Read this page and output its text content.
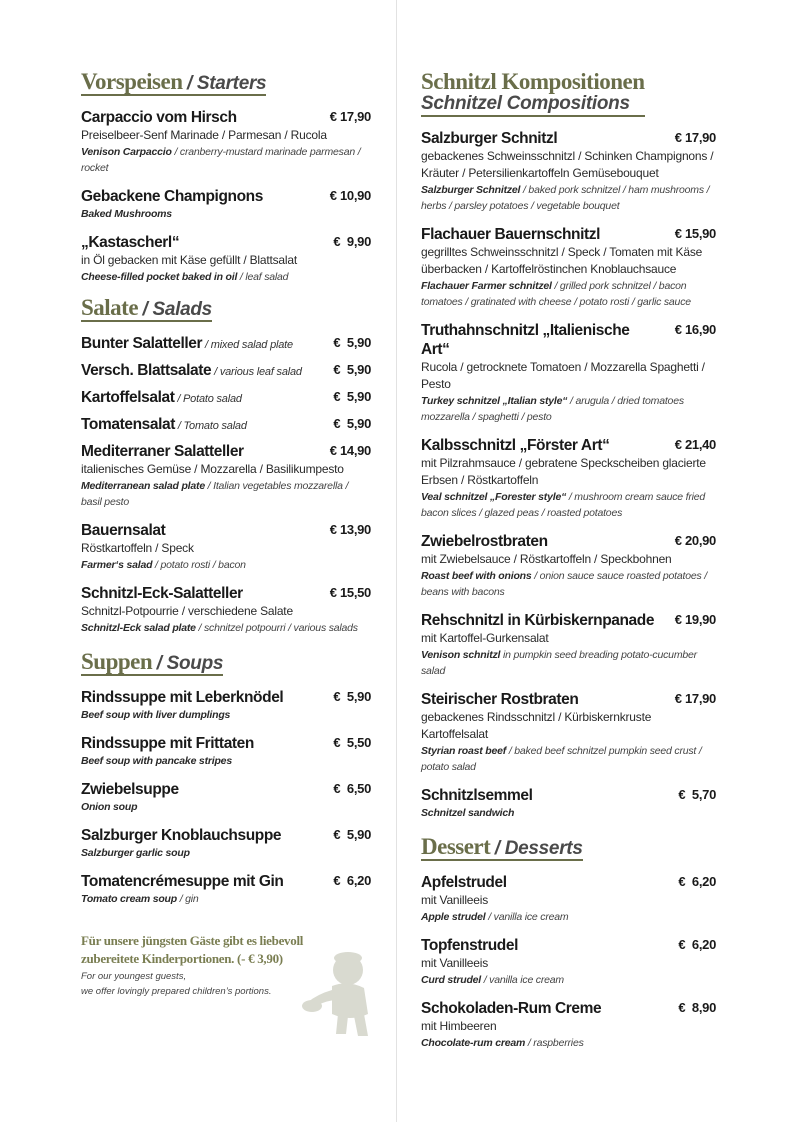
Vorspeisen / Starters
Carpaccio vom Hirsch	€ 17,90
Preiselbeer-Senf Marinade / Parmesan / Rucola
Venison Carpaccio / cranberry-mustard marinade parmesan / rocket
Gebackene Champignons	€ 10,90
Baked Mushrooms
„Kastascherl“	€  9,90
in Öl gebacken mit Käse gefüllt / Blattsalat
Cheese-filled pocket baked in oil / leaf salad
Salate / Salads
Bunter Salatteller / mixed salad plate	€  5,90
Versch. Blattsalate / various leaf salad €  5,90
Kartoffelsalat / Potato salad	€  5,90
Tomatensalat / Tomato salad	€  5,90
Mediterraner Salatteller	€ 14,90
italienisches Gemüse / Mozzarella / Basilikumpesto
Mediterranean salad plate / Italian vegetables mozzarella / basil pesto
Bauernsalat	€ 13,90
Röstkartoffeln / Speck
Farmer‘s salad / potato rosti / bacon
Schnitzl-Eck-Salatteller	€ 15,50
Schnitzl-Potpourrie / verschiedene Salate
Schnitzl-Eck salad plate / schnitzel potpourri / various salads
Suppen / Soups
Rindssuppe mit Leberknödel	€  5,90
Beef soup with liver dumplings
Rindssuppe mit Frittaten	€  5,50
Beef soup with pancake stripes
Zwiebelsuppe	€  6,50
Onion soup
Salzburger Knoblauchsuppe	€  5,90
Salzburger garlic soup
Tomatencrémesuppe mit Gin	€  6,20
Tomato cream soup / gin
Für unsere jüngsten Gäste gibt es liebevoll
zubereitete Kinderportionen. (- € 3,90)
For our youngest guests,
we offer lovingly prepared children’s portions.
Schnitzl Kompositionen
Schnitzel Compositions
Salzburger Schnitzl	€ 17,90
gebackenes Schweinsschnitzl / Schinken Champignons / Kräuter / Petersilienkartoffeln Gemüsebouquet
Salzburger Schnitzel / baked pork schnitzel / ham mushrooms / herbs / parsley potatoes / vegetable bouquet
Flachauer Bauernschnitzl	€ 15,90
gegrilltes Schweinsschnitzl / Speck / Tomaten mit Käse überbacken / Kartoffelröstinchen Knoblauchsauce
Flachauer Farmer schnitzel / grilled pork schnitzel / bacon tomatoes / gratinated with cheese / potato rosti / garlic sauce
Truthahnschnitzl „Italienische Art“
€ 16,90
Rucola / getrocknete Tomatoen / Mozzarella Spaghetti / Pesto
Turkey schnitzel „Italian style“ / arugula / dried tomatoes mozzarella / spaghetti / pesto
Kalbsschnitzl „Förster Art“	€ 21,40
mit Pilzrahmsauce / gebratene Speckscheiben glacierte Erbsen / Röstkartoffeln
Veal schnitzel „Forester style“ / mushroom cream sauce fried bacon slices / glazed peas / roasted potatoes
Zwiebelrostbraten	€ 20,90
mit Zwiebelsauce / Röstkartoffeln / Speckbohnen
Roast beef with onions / onion sauce sauce roasted potatoes / beans with bacons
Rehschnitzl in Kürbiskernpanade	€ 19,90
mit Kartoffel-Gurkensalat
Venison schnitzl in pumpkin seed breading potato-cucumber salad
Steirischer Rostbraten	€ 17,90
gebackenes Rindsschnitzl / Kürbiskernkruste Kartoffelsalat
Styrian roast beef / baked beef schnitzel pumpkin seed crust / potato salad
Schnitzlsemmel	€  5,70
Schnitzel sandwich
Dessert / Desserts
Apfelstrudel	€  6,20
mit Vanilleeis
Apple strudel / vanilla ice cream
Topfenstrudel	€  6,20
mit Vanilleeis
Curd strudel / vanilla ice cream
Schokoladen-Rum Creme	€  8,90
mit Himbeeren
Chocolate-rum cream / raspberries
